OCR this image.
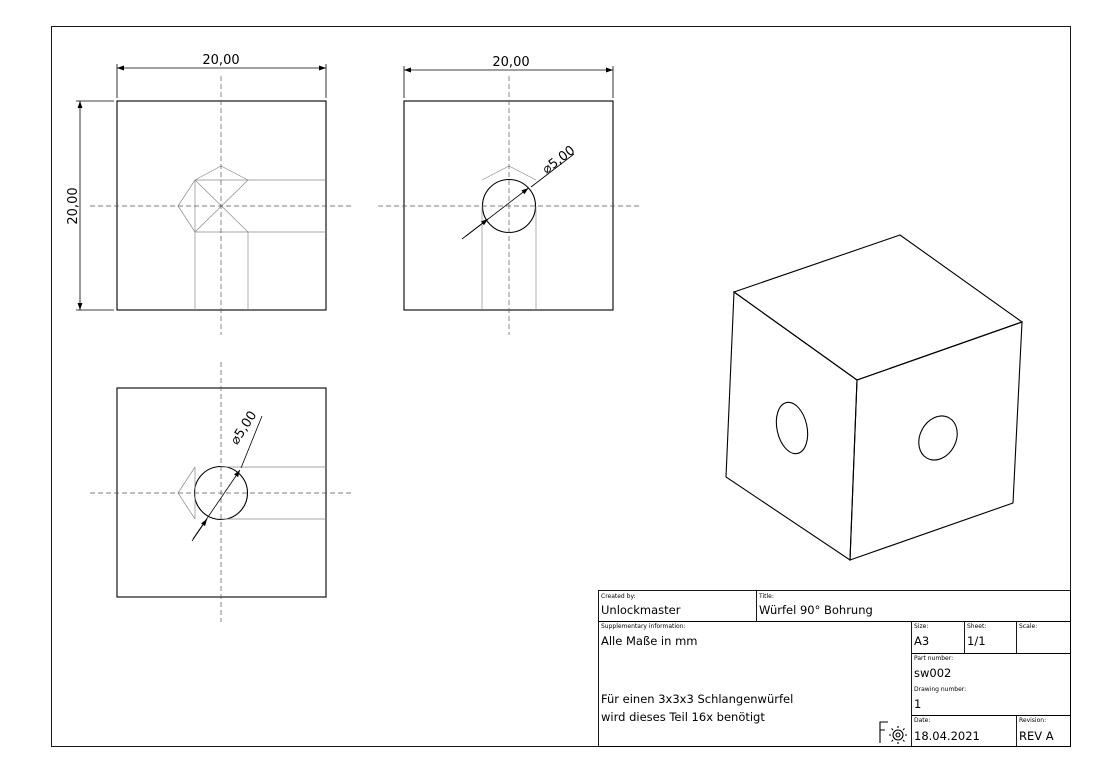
20,00
20,00
20,00
⌀5,00
⌀5,00
Created by:
Unlockmaster
Title:
Würfel 90° Bohrung
Supplementary information:
Alle Maße in mm
Für einen 3x3x3 Schlangenwürfel
wird dieses Teil 16x benötigt
Size:
A3
Sheet:
1/1
Scale:
Part number:
sw002
Drawing number:
1
Date:
18.04.2021
Revision:
REV A
